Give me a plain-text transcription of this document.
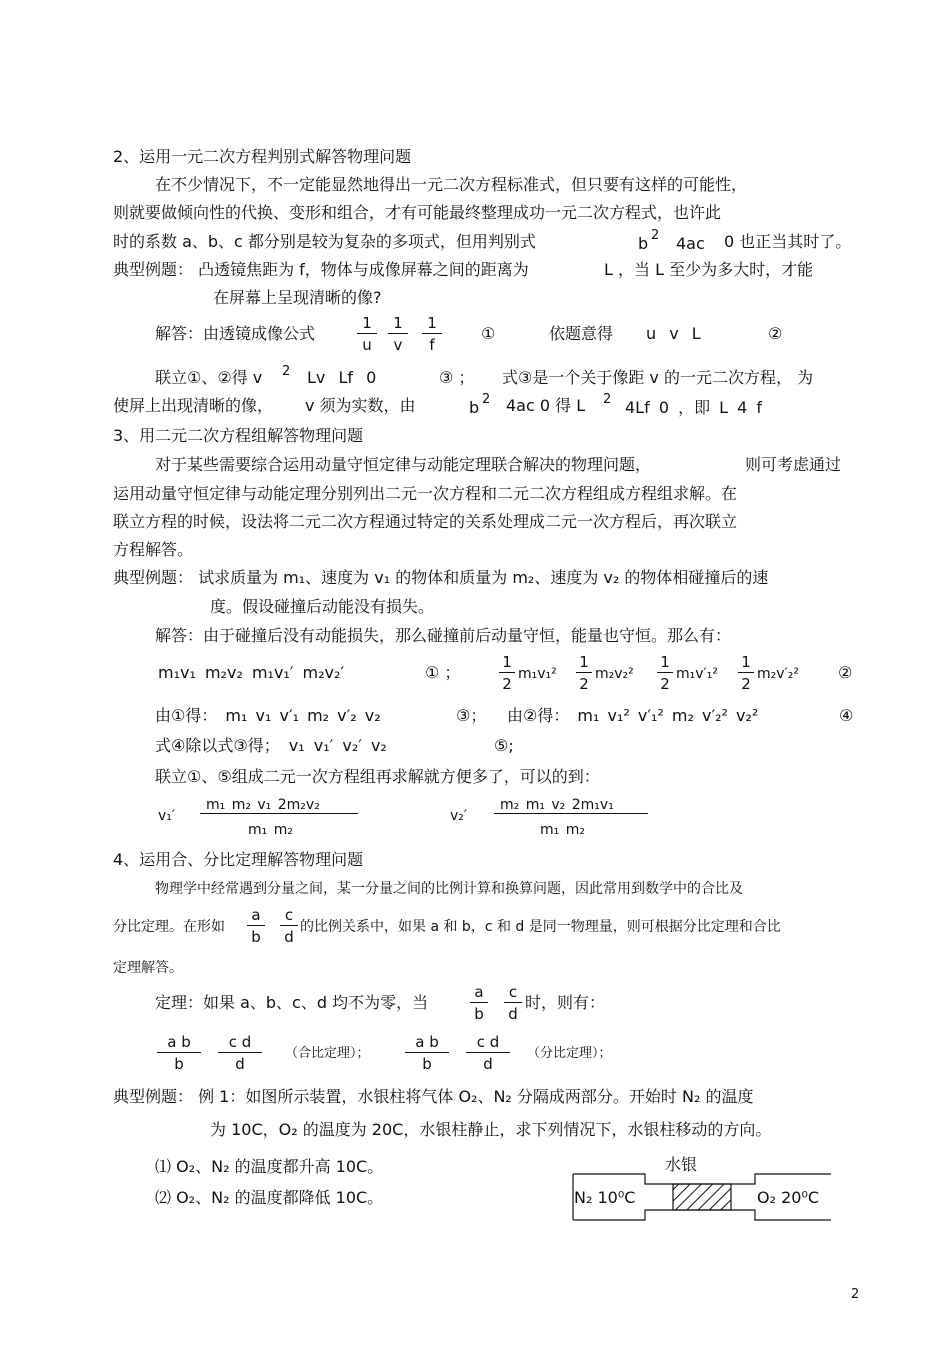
2、运用一元二次方程判别式解答物理问题
在不少情况下，不一定能显然地得出一元二次方程标准式，但只要有这样的可能性，
则就要做倾向性的代换、变形和组合，才有可能最终整理成功一元二次方程式，也许此
时的系数 a、b、c 都分别是较为复杂的多项式，但用判别式	b 2 4ac 0 也正当其时了。
典型例题： 凸透镜焦距为 f，物体与成像屏幕之间的距离为	L ，当 L 至少为多大时，才能
在屏幕上呈现清晰的像?
解答：由透镜成像公式	$\frac{1}{u} \frac{1}{v} \frac{1}{f}$ ①	依题意得 u v L	②
联立①、②得 v 2 Lv Lf 0	③ ； 式③是一个关于像距 v 的一元二次方程， 为
使屏上出现清晰的像， v 须为实数，由	b 2 4ac 0 得 L 2 4Lf 0 ，即 L 4 f
3、用二元二次方程组解答物理问题
对于某些需要综合运用动量守恒定律与动能定理联合解决的物理问题，	则可考虑通过
运用动量守恒定律与动能定理分别列出二元一次方程和二元二次方程组成方程组求解。在
联立方程的时候，设法将二元二次方程通过特定的关系处理成二元一次方程后，再次联立
方程解答。
典型例题： 试求质量为 m₁、速度为 v₁ 的物体和质量为 m₂、速度为 v₂ 的物体相碰撞后的速
度。假设碰撞后动能没有损失。
解答：由于碰撞后没有动能损失，那么碰撞前后动量守恒，能量也守恒。那么有：
m₁v₁ m₂v₂ m₁v₁′ m₂v₂′	① ；	$\frac{1}{2} m_1v_1^2 \frac{1}{2} m_2v_2^2 \frac{1}{2} m_1v'_1^2 \frac{1}{2} m_2v'_2^2$ ②
由①得： m₁ v₁ v′₁ m₂ v′₂ v₂	③； 由②得： m₁ v₁² v′₁² m₂ v′₂² v₂²	④
式④除以式③得； v₁ v₁′ v₂′ v₂	⑤;
联立①、⑤组成二元一次方程组再求解就方便多了，可以的到：
v₁′
m₁ m₂ v₁ 2m₂v₂
m₁ m₂
v₂′
m₂ m₁ v₂ 2m₁v₁
m₁ m₂
4、运用合、分比定理解答物理问题
物理学中经常遇到分量之间，某一分量之间的比例计算和换算问题，因此常用到数学中的合比及
分比定理。在形如 $\frac{a}{b} \frac{c}{d}$ 的比例关系中，如果 a 和 b，c 和 d 是同一物理量，则可根据分比定理和合比
定理解答。
定理：如果 a、b、c、d 均不为零，当	$\frac{a}{b} \frac{c}{d}$ 时，则有：
$\frac{\text{a b}}{b} \frac{\text{c d}}{d}$ （合比定理）； $\frac{\text{a b}}{b} \frac{\text{c d}}{d}$ （分比定理）；
典型例题： 例 1：如图所示装置，水银柱将气体 O₂、N₂ 分隔成两部分。开始时 N₂ 的温度
为 10C，O₂ 的温度为 20C，水银柱静止，求下列情况下，水银柱移动的方向。
⑴ O₂、N₂ 的温度都升高 10C。
⑵ O₂、N₂ 的温度都降低 10C。
水银
N₂ 10⁰C	O₂ 20⁰C
2
